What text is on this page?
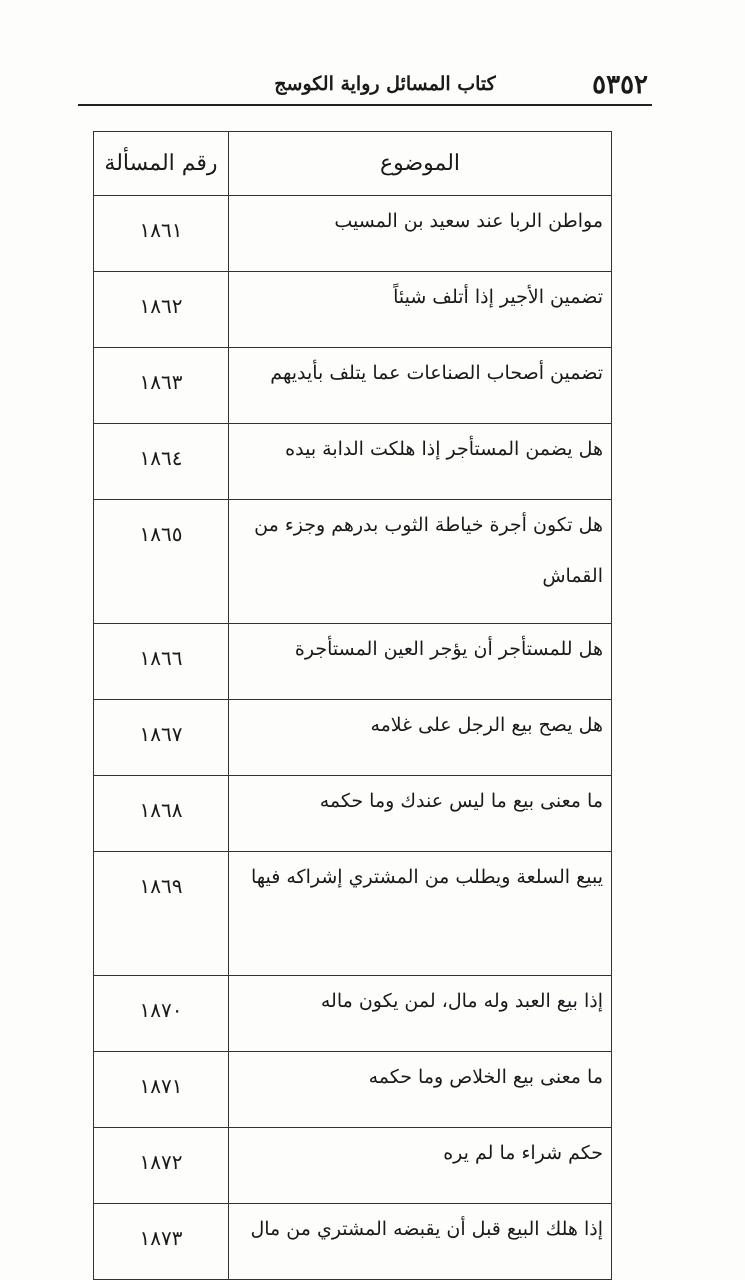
٥٣٥٢
كتاب المسائل رواية الكوسج
الموضوع	رقم المسألة
مواطن الربا عند سعيد بن المسيب	١٨٦١
تضمين الأجير إذا أتلف شيئاً	١٨٦٢
تضمين أصحاب الصناعات عما يتلف بأيديهم	١٨٦٣
هل يضمن المستأجر إذا هلكت الدابة بيده	١٨٦٤
هل تكون أجرة خياطة الثوب بدرهم وجزء من القماش	١٨٦٥
هل للمستأجر أن يؤجر العين المستأجرة	١٨٦٦
هل يصح بيع الرجل على غلامه	١٨٦٧
ما معنى بيع ما ليس عندك وما حكمه	١٨٦٨
يبيع السلعة ويطلب من المشتري إشراكه فيها	١٨٦٩
إذا بيع العبد وله مال، لمن يكون ماله	١٨٧٠
ما معنى بيع الخلاص وما حكمه	١٨٧١
حكم شراء ما لم يره	١٨٧٢
إذا هلك البيع قبل أن يقبضه المشتري من مال	١٨٧٣
